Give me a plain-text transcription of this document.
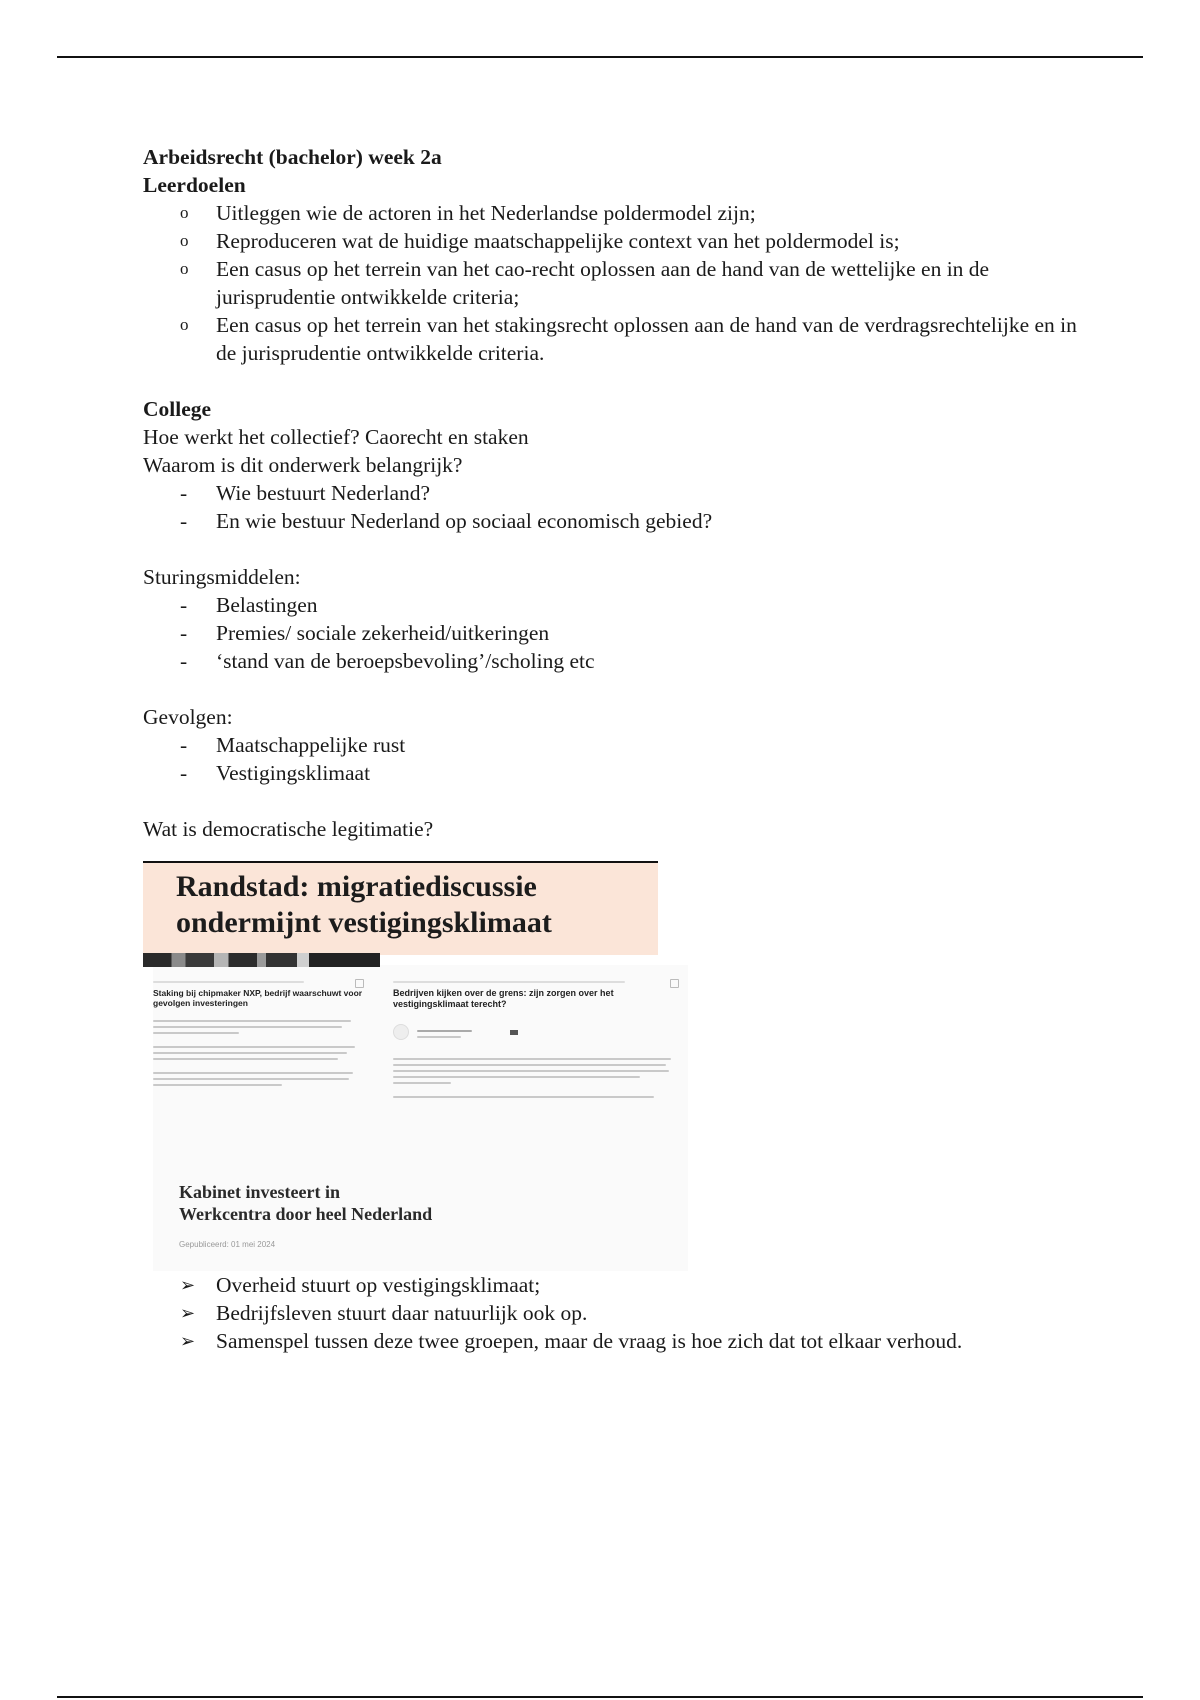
Arbeidsrecht (bachelor) week 2a

Leerdoelen

o	Uitleggen wie de actoren in het Nederlandse poldermodel zijn;
o	Reproduceren wat de huidige maatschappelijke context van het poldermodel is;
o	Een casus op het terrein van het cao-recht oplossen aan de hand van de wettelijke en in de jurisprudentie ontwikkelde criteria;
o	Een casus op het terrein van het stakingsrecht oplossen aan de hand van de verdragsrechtelijke en in de jurisprudentie ontwikkelde criteria.

College

Hoe werkt het collectief? Caorecht en staken

Waarom is dit onderwerk belangrijk?

-	Wie bestuurt Nederland?
-	En wie bestuur Nederland op sociaal economisch gebied?

Sturingsmiddelen:

-	Belastingen
-	Premies/ sociale zekerheid/uitkeringen
-	‘stand van de beroepsbevoling’/scholing etc

Gevolgen:

-	Maatschappelijke rust
-	Vestigingsklimaat

Wat is democratische legitimatie?

Randstad: migratiediscussie
ondermijnt vestigingsklimaat
Staking bij chipmaker NXP, bedrijf waarschuwt voor gevolgen investeringen
Bedrijven kijken over de grens: zijn zorgen over het vestigingsklimaat terecht?
Kabinet investeert in
Werkcentra door heel Nederland
Gepubliceerd: 01 mei 2024
➢ Overheid stuurt op vestigingsklimaat;
➢ Bedrijfsleven stuurt daar natuurlijk ook op.
➢ Samenspel tussen deze twee groepen, maar de vraag is hoe zich dat tot elkaar verhoud.
